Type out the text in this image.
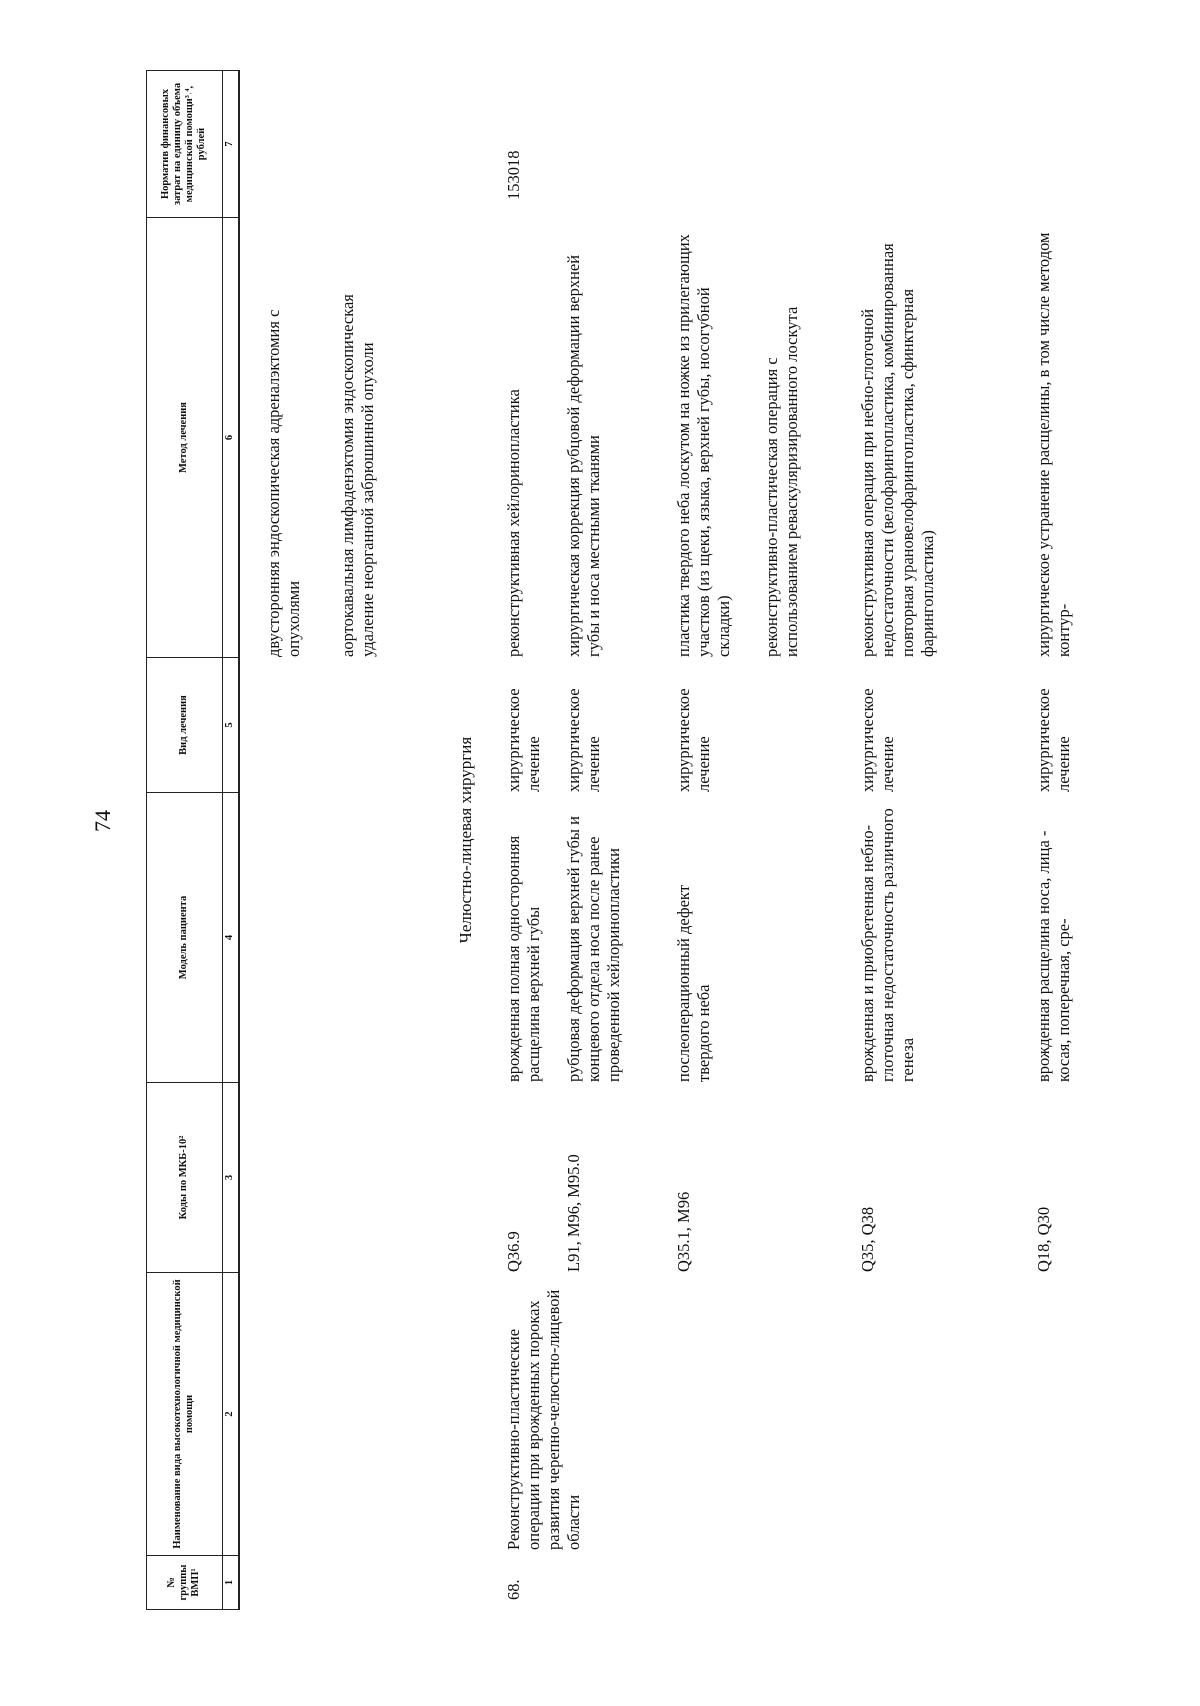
74
№ группы ВМП¹
Наименование вида высокотехнологичной медицинской помощи
Коды по МКБ-10²
Модель пациента
Вид лечения
Метод лечения
Норматив финансовых затрат на единицу объема медицинской помощи³˒⁴, рублей
1
2
3
4
5
6
7
двусторонняя эндоскопическая адреналэктомия с опухолями аортокавальная лимфаденэктомия эндоскопическая
удаление неорганной забрюшинной опухоли
Челюстно-лицевая хирургия
68.
Реконструктивно-пластические операции при врожденных пороках развития черепно-челюстно-лицевой области
153018
Q36.9
врожденная полная односторонняя расщелина верхней губы
хирургическое лечение
реконструктивная хейлоринопластика
L91, M96, M95.0
рубцовая деформация верхней губы и концевого отдела носа после ранее проведенной хейлоринопластики
хирургическое лечение
хирургическая коррекция рубцовой деформации верхней губы и носа местными тканями
Q35.1, M96
послеоперационный дефект твердого неба
хирургическое лечение
пластика твердого неба лоскутом на ножке из прилегающих участков (из щеки, языка, верхней губы, носогубной складки) реконструктивно-пластическая операция с использованием реваскуляризированного лоскута
Q35, Q38
врожденная и приобретенная небно-глоточная недостаточность различного генеза
хирургическое лечение
реконструктивная операция при небно-глоточной недостаточности (велофарингопластика, комбинированная повторная урановелофарингопластика, сфинктерная фарингопластика)
Q18, Q30
врожденная расщелина носа, лица - косая, поперечная, сре-
хирургическое лечение
хирургическое устранение расщелины, в том числе методом контур-
